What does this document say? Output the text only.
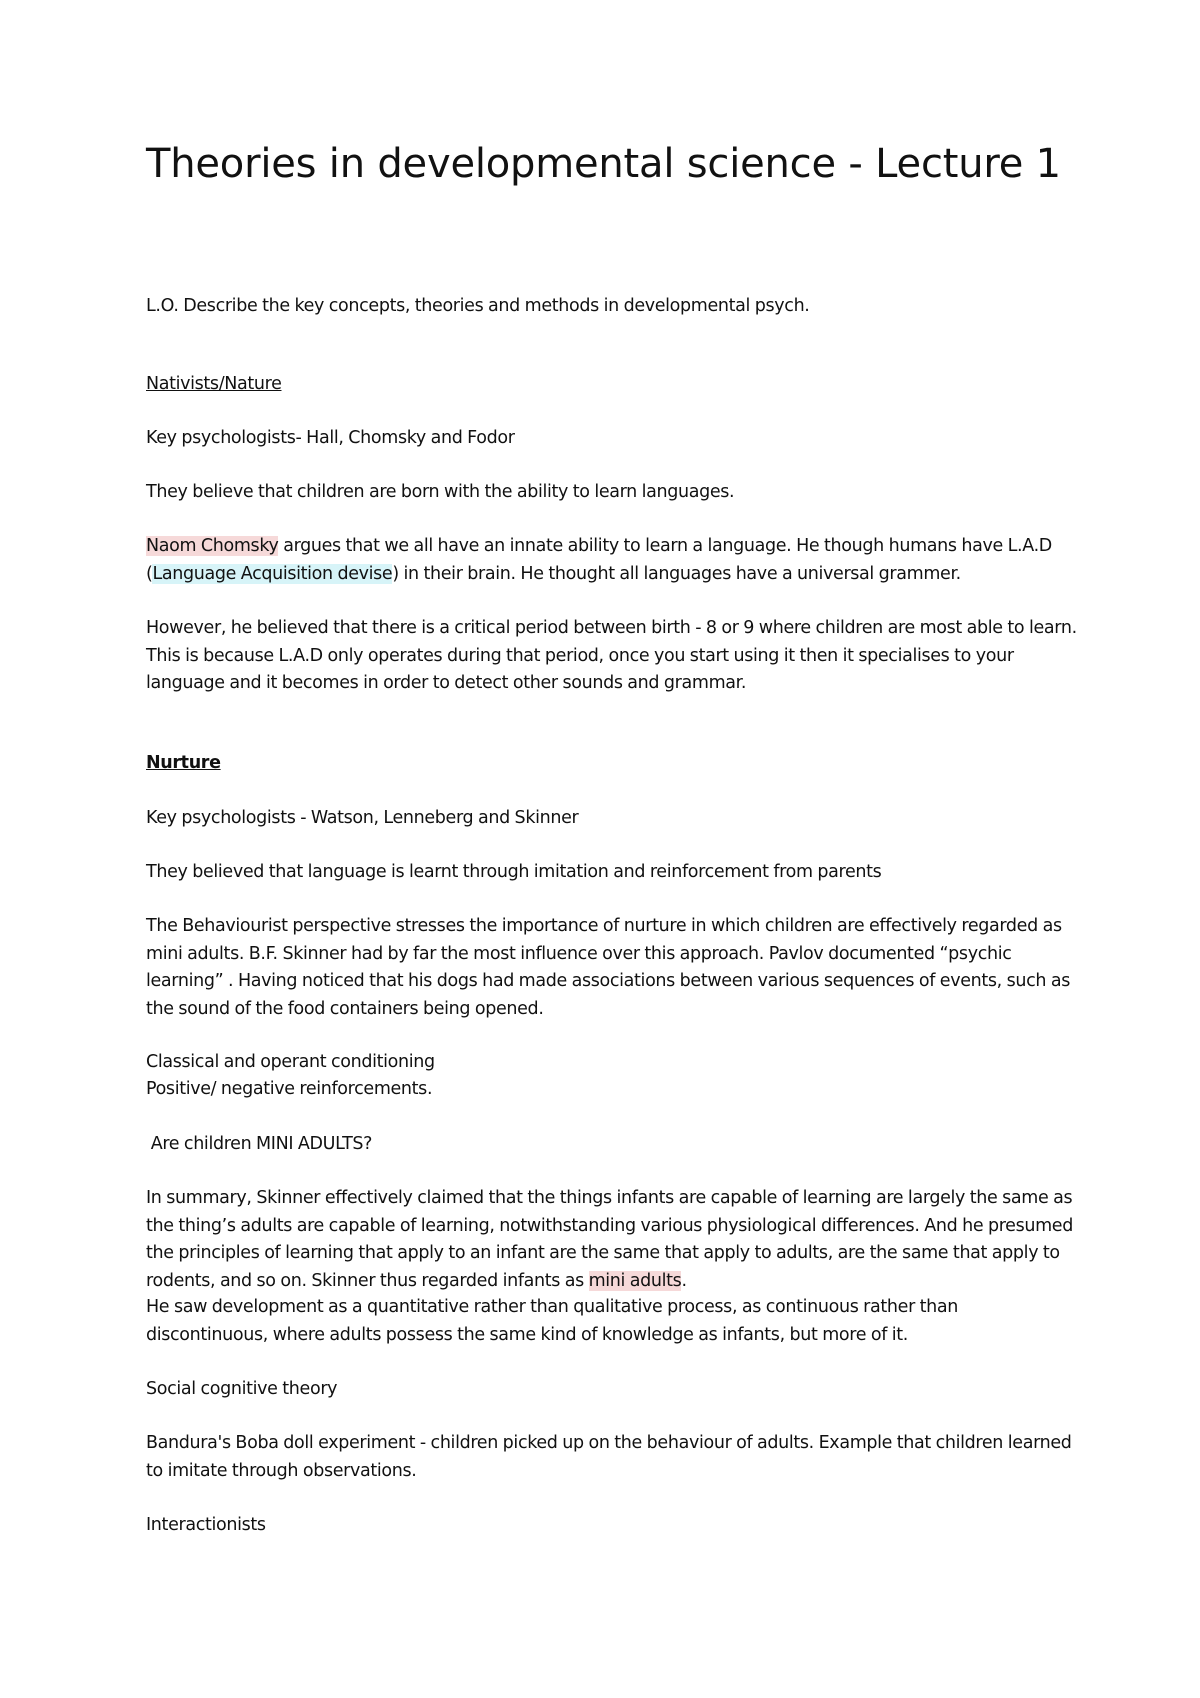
Theories in developmental science - Lecture 1

L.O. Describe the key concepts, theories and methods in developmental psych.

Nativists/Nature

Key psychologists- Hall, Chomsky and Fodor

They believe that children are born with the ability to learn languages.

Naom Chomsky argues that we all have an innate ability to learn a language. He though humans have L.A.D (Language Acquisition devise) in their brain. He thought all languages have a universal grammer.

However, he believed that there is a critical period between birth - 8 or 9 where children are most able to learn. This is because L.A.D only operates during that period, once you start using it then it specialises to your language and it becomes in order to detect other sounds and grammar.

Nurture

Key psychologists - Watson, Lenneberg and Skinner

They believed that language is learnt through imitation and reinforcement from parents

The Behaviourist perspective stresses the importance of nurture in which children are effectively regarded as mini adults. B.F. Skinner had by far the most influence over this approach. Pavlov documented “psychic learning” . Having noticed that his dogs had made associations between various sequences of events, such as the sound of the food containers being opened.

Classical and operant conditioning

Positive/ negative reinforcements.

Are children MINI ADULTS?

In summary, Skinner effectively claimed that the things infants are capable of learning are largely the same as the thing’s adults are capable of learning, notwithstanding various physiological differences. And he presumed the principles of learning that apply to an infant are the same that apply to adults, are the same that apply to rodents, and so on. Skinner thus regarded infants as mini adults.

He saw development as a quantitative rather than qualitative process, as continuous rather than discontinuous, where adults possess the same kind of knowledge as infants, but more of it.

Social cognitive theory

Bandura's Boba doll experiment - children picked up on the behaviour of adults. Example that children learned to imitate through observations.

Interactionists
